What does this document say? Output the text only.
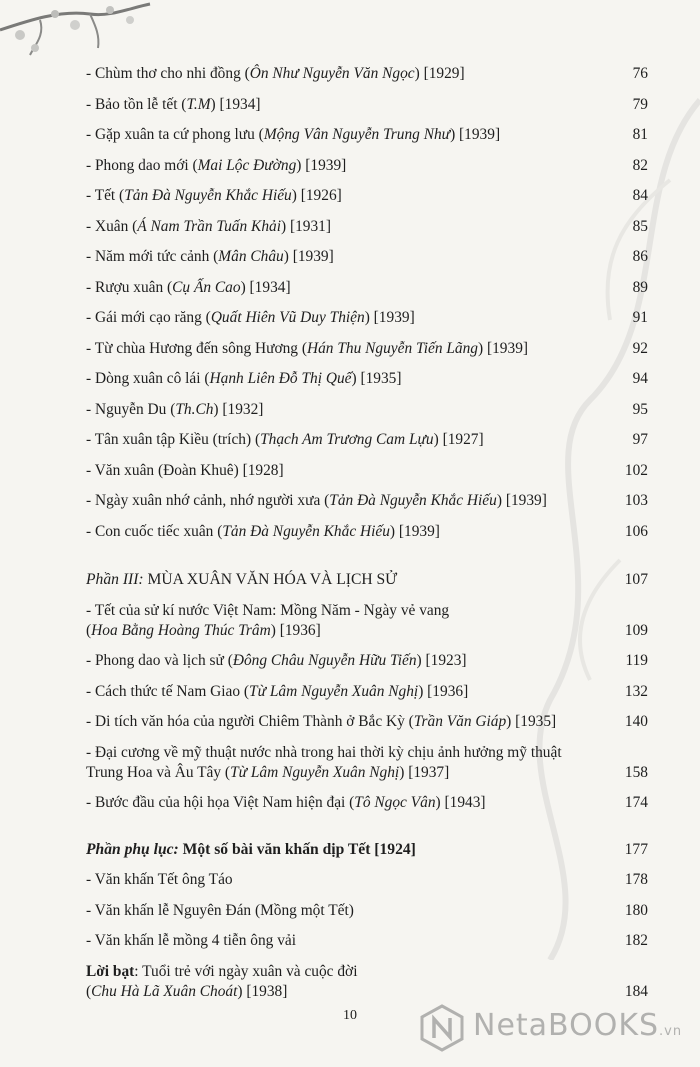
- Chùm thơ cho nhi đồng (Ôn Như Nguyễn Văn Ngọc) [1929]	76
- Bảo tồn lễ tết (T.M) [1934]	79
- Gặp xuân ta cứ phong lưu (Mộng Vân Nguyễn Trung Như) [1939]	81
- Phong dao mới (Mai Lộc Đường) [1939]	82
- Tết (Tản Đà Nguyễn Khắc Hiếu) [1926]	84
- Xuân (Á Nam Trần Tuấn Khải) [1931]	85
- Năm mới tức cảnh (Mân Châu) [1939]	86
- Rượu xuân (Cụ Ấn Cao) [1934]	89
- Gái mới cạo răng (Quất Hiên Vũ Duy Thiện) [1939]	91
- Từ chùa Hương đến sông Hương (Hán Thu Nguyễn Tiến Lãng) [1939]	92
- Dòng xuân cô lái (Hạnh Liên Đỗ Thị Quế) [1935]	94
- Nguyễn Du (Th.Ch) [1932]	95
- Tân xuân tập Kiều (trích) (Thạch Am Trương Cam Lựu) [1927]	97
- Văn xuân (Đoàn Khuê) [1928]	102
- Ngày xuân nhớ cảnh, nhớ người xưa (Tản Đà Nguyễn Khắc Hiếu) [1939]	103
- Con cuốc tiếc xuân (Tản Đà Nguyễn Khắc Hiếu) [1939]	106
Phần III: MÙA XUÂN VĂN HÓA VÀ LỊCH SỬ	107
- Tết của sử kí nước Việt Nam: Mồng Năm - Ngày vẻ vang
(Hoa Bằng Hoàng Thúc Trâm) [1936]	109
- Phong dao và lịch sử (Đông Châu Nguyễn Hữu Tiến) [1923]	119
- Cách thức tế Nam Giao (Từ Lâm Nguyễn Xuân Nghị) [1936]	132
- Di tích văn hóa của người Chiêm Thành ở Bắc Kỳ (Trần Văn Giáp) [1935]	140
- Đại cương về mỹ thuật nước nhà trong hai thời kỳ chịu ảnh hưởng mỹ thuật
Trung Hoa và Âu Tây (Từ Lâm Nguyễn Xuân Nghị) [1937]	158
- Bước đầu của hội họa Việt Nam hiện đại (Tô Ngọc Vân) [1943]	174
Phần phụ lục: Một số bài văn khấn dịp Tết [1924]	177
- Văn khấn Tết ông Táo	178
- Văn khấn lễ Nguyên Đán (Mồng một Tết)	180
- Văn khấn lễ mồng 4 tiễn ông vải	182
Lời bạt: Tuổi trẻ với ngày xuân và cuộc đời
(Chu Hà Lã Xuân Choát) [1938]	184
10	NetaBOOKS.vn
